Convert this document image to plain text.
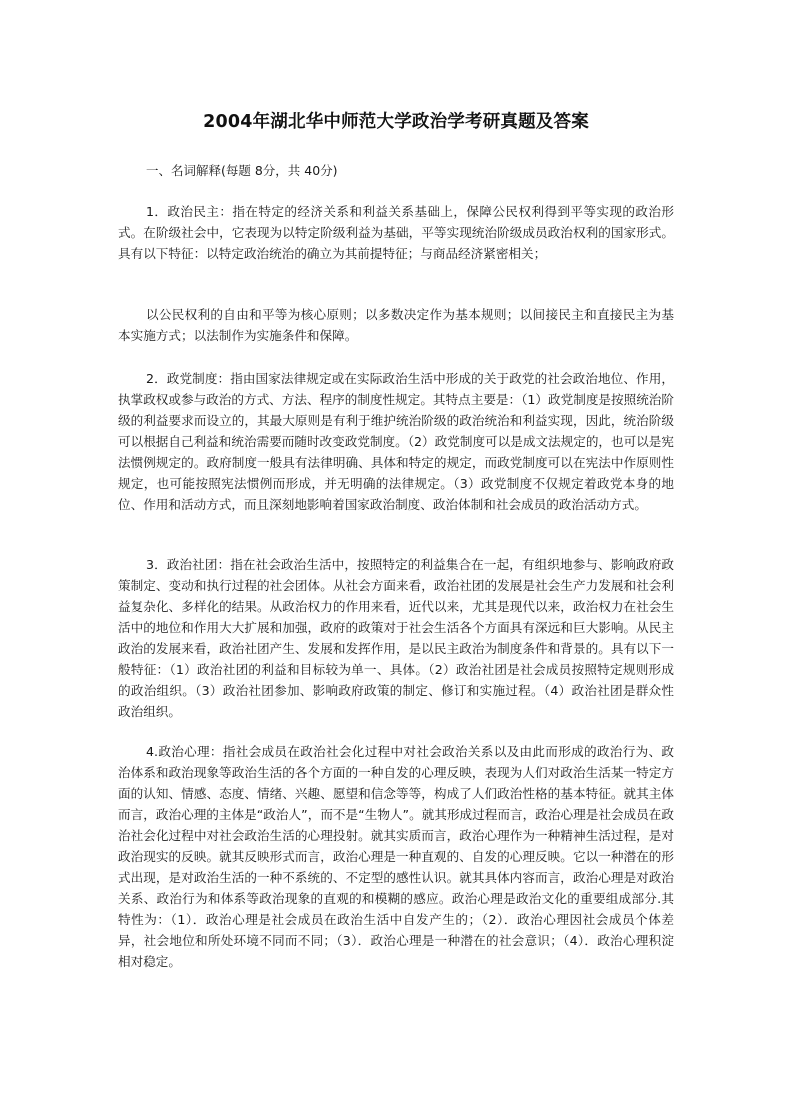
2004年湖北华中师范大学政治学考研真题及答案

一、名词解释(每题 8分，共 40分)

1．政治民主：指在特定的经济关系和利益关系基础上，保障公民权利得到平等实现的政治形式。在阶级社会中，它表现为以特定阶级利益为基础，平等实现统治阶级成员政治权利的国家形式。具有以下特征：以特定政治统治的确立为其前提特征；与商品经济紧密相关；

以公民权利的自由和平等为核心原则；以多数决定作为基本规则；以间接民主和直接民主为基本实施方式；以法制作为实施条件和保障。

2．政党制度：指由国家法律规定或在实际政治生活中形成的关于政党的社会政治地位、作用，执掌政权或参与政治的方式、方法、程序的制度性规定。其特点主要是：（1）政党制度是按照统治阶级的利益要求而设立的，其最大原则是有利于维护统治阶级的政治统治和利益实现，因此，统治阶级可以根据自己利益和统治需要而随时改变政党制度。（2）政党制度可以是成文法规定的，也可以是宪法惯例规定的。政府制度一般具有法律明确、具体和特定的规定，而政党制度可以在宪法中作原则性规定，也可能按照宪法惯例而形成，并无明确的法律规定。（3）政党制度不仅规定着政党本身的地位、作用和活动方式，而且深刻地影响着国家政治制度、政治体制和社会成员的政治活动方式。

3．政治社团：指在社会政治生活中，按照特定的利益集合在一起，有组织地参与、影响政府政策制定、变动和执行过程的社会团体。从社会方面来看，政治社团的发展是社会生产力发展和社会利益复杂化、多样化的结果。从政治权力的作用来看，近代以来，尤其是现代以来，政治权力在社会生活中的地位和作用大大扩展和加强，政府的政策对于社会生活各个方面具有深远和巨大影响。从民主政治的发展来看，政治社团产生、发展和发挥作用，是以民主政治为制度条件和背景的。具有以下一般特征：（1）政治社团的利益和目标较为单一、具体。（2）政治社团是社会成员按照特定规则形成的政治组织。（3）政治社团参加、影响政府政策的制定、修订和实施过程。（4）政治社团是群众性政治组织。

4.政治心理：指社会成员在政治社会化过程中对社会政治关系以及由此而形成的政治行为、政治体系和政治现象等政治生活的各个方面的一种自发的心理反映，表现为人们对政治生活某一特定方面的认知、情感、态度、情绪、兴趣、愿望和信念等等，构成了人们政治性格的基本特征。就其主体而言，政治心理的主体是“政治人”，而不是“生物人”。就其形成过程而言，政治心理是社会成员在政治社会化过程中对社会政治生活的心理投射。就其实质而言，政治心理作为一种精神生活过程，是对政治现实的反映。就其反映形式而言，政治心理是一种直观的、自发的心理反映。它以一种潜在的形式出现，是对政治生活的一种不系统的、不定型的感性认识。就其具体内容而言，政治心理是对政治关系、政治行为和体系等政治现象的直观的和模糊的感应。政治心理是政治文化的重要组成部分.其特性为：（1）．政治心理是社会成员在政治生活中自发产生的；（2）．政治心理因社会成员个体差异，社会地位和所处环境不同而不同；（3）．政治心理是一种潜在的社会意识；（4）．政治心理积淀相对稳定。
